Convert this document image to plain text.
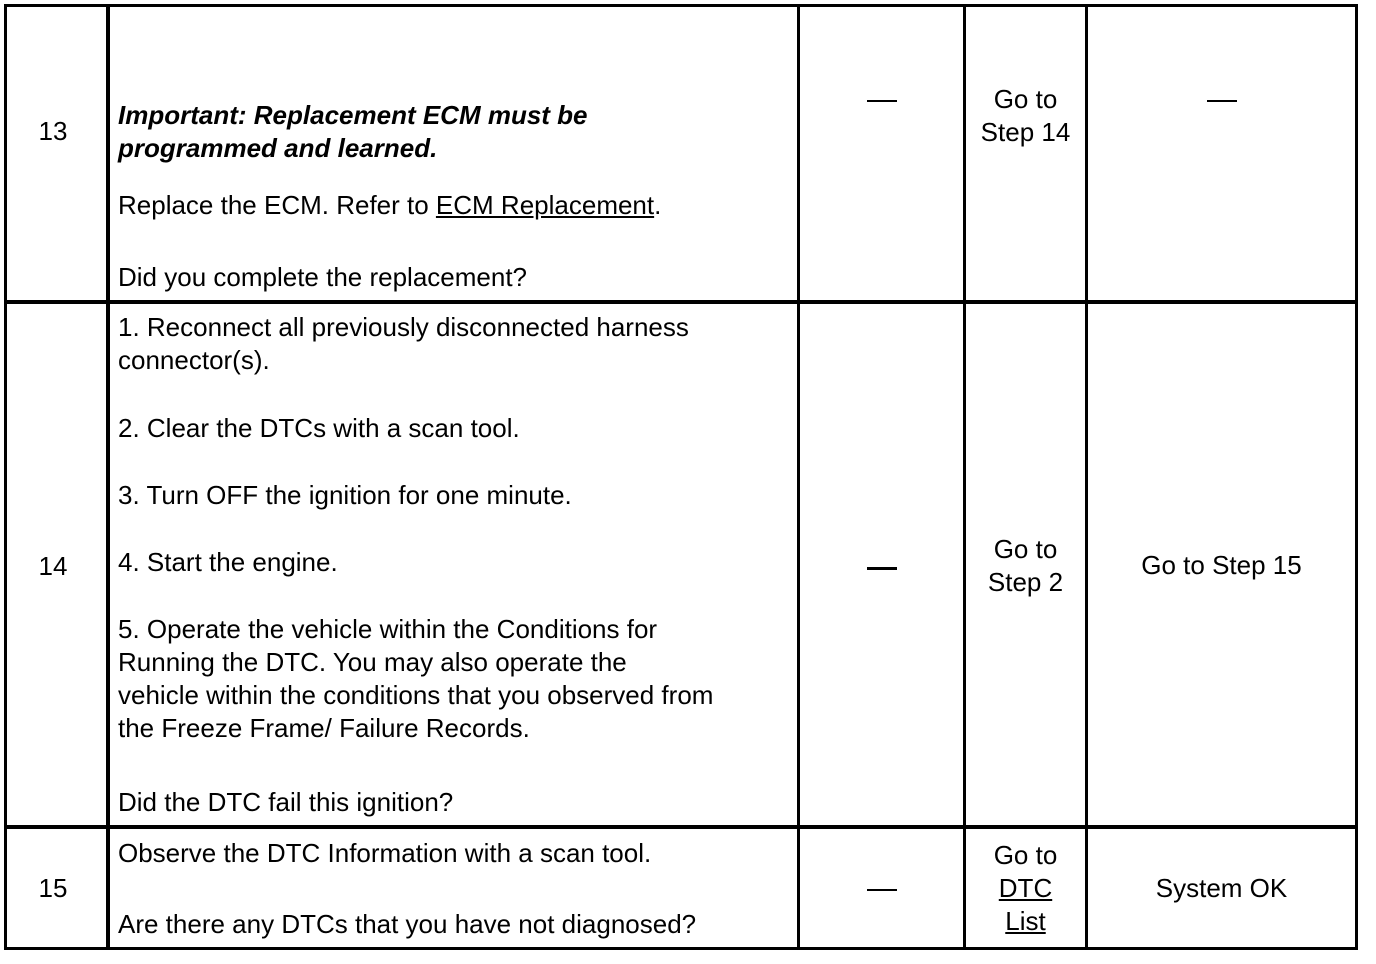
13

Important: Replacement ECM must be

programmed and learned.

Replace the ECM. Refer to ECM Replacement.

Did you complete the replacement?

Go to
Step 14
14

1. Reconnect all previously disconnected harness

connector(s).

2. Clear the DTCs with a scan tool.

3. Turn OFF the ignition for one minute.

4. Start the engine.

5. Operate the vehicle within the Conditions for

Running the DTC. You may also operate the

vehicle within the conditions that you observed from

the Freeze Frame/ Failure Records.

Did the DTC fail this ignition?

Go to
Step 2
Go to Step 15
15

Observe the DTC Information with a scan tool.

Are there any DTCs that you have not diagnosed?

Go to
DTC
List
System OK
